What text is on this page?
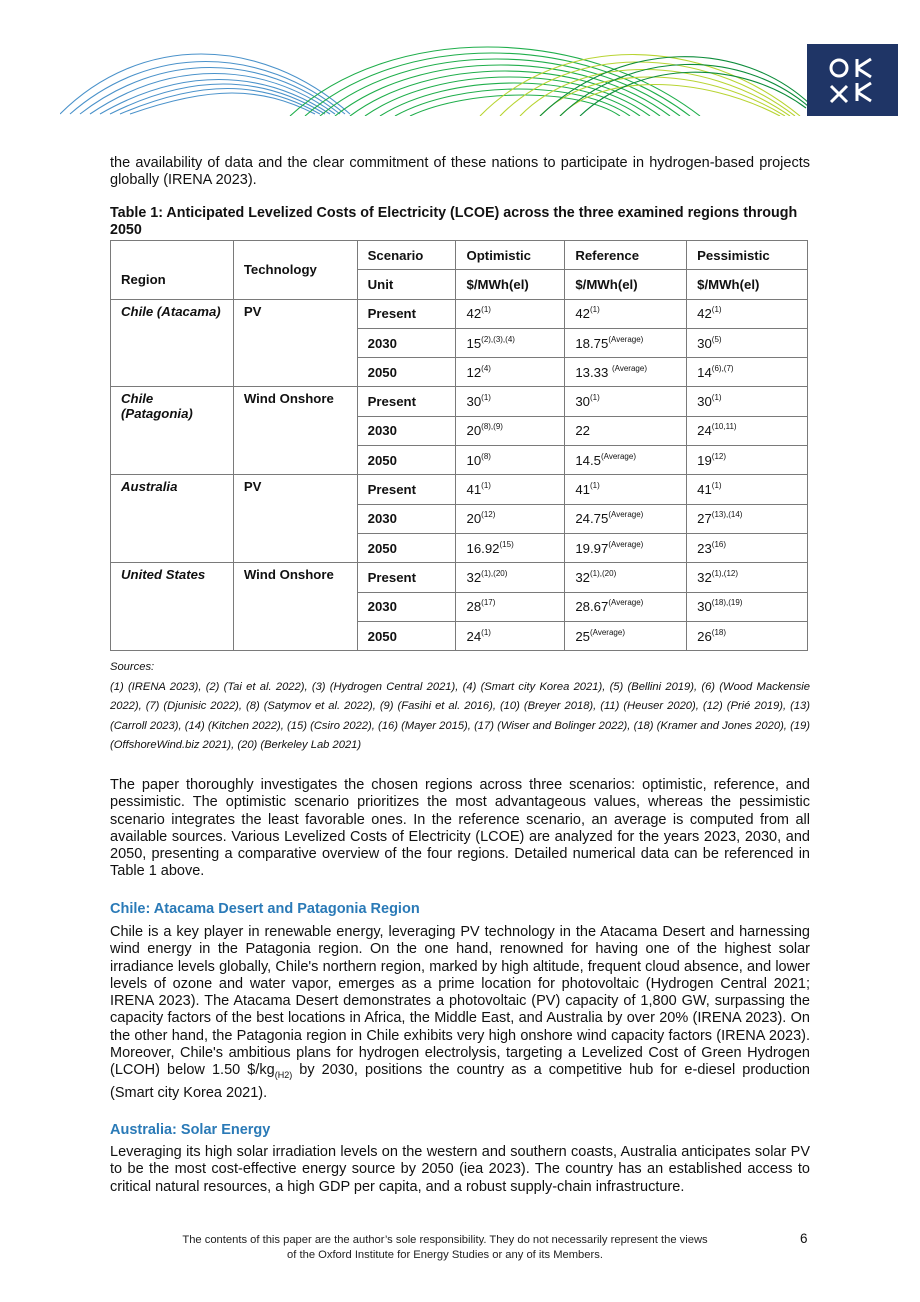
the availability of data and the clear commitment of these nations to participate in hydrogen-based projects globally (IRENA 2023).

Table 1: Anticipated Levelized Costs of Electricity (LCOE) across the three examined regions through 2050
Region	Technology	Scenario	Optimistic	Reference	Pessimistic
		Unit	$/MWh(el)	$/MWh(el)	$/MWh(el)
Chile (Atacama)	PV	Present	42$^{(1)}$	42$^{(1)}$	42$^{(1)}$
		2030	$15^{(2),(3),(4)}$	$18.75^{(Average)}$	30$^{(5)}$
		2050	12$^{(4)}$	13.33 $^{(Average)}$	$14^{(6),(7)}$
Chile (Patagonia)	Wind Onshore	Present	30$^{(1)}$	30$^{(1)}$	30$^{(1)}$
		2030	$20^{(8),(9)}$	22	24$^{(10,11)}$
		2050	10$^{(8)}$	$14.5^{(Average)}$	19$^{(12)}$
Australia	PV	Present	41$^{(1)}$	41$^{(1)}$	41$^{(1)}$
		2030	20$^{(12)}$	$24.75^{(Average)}$	$27^{(13),(14)}$
		2050	16.92$^{(15)}$	$19.97^{(Average)}$	23$^{(16)}$
United States	Wind Onshore	Present	$32^{(1),(20)}$	$32^{(1),(20)}$	$32^{(1),(12)}$
		2030	28$^{(17)}$	$28.67^{(Average)}$	$30^{(18),(19)}$
		2050	24$^{(1)}$	$25^{(Average)}$	26$^{(18)}$
Sources:
(1) (IRENA 2023), (2) (Tai et al. 2022), (3) (Hydrogen Central 2021), (4) (Smart city Korea 2021), (5) (Bellini 2019), (6) (Wood Mackensie 2022), (7) (Djunisic 2022), (8) (Satymov et al. 2022), (9) (Fasihi et al. 2016), (10) (Breyer 2018), (11) (Heuser 2020), (12) (Prié 2019), (13) (Carroll 2023), (14) (Kitchen 2022), (15) (Csiro 2022), (16) (Mayer 2015), (17) (Wiser and Bolinger 2022), (18) (Kramer and Jones 2020), (19) (OffshoreWind.biz 2021), (20) (Berkeley Lab 2021)

The paper thoroughly investigates the chosen regions across three scenarios: optimistic, reference, and pessimistic. The optimistic scenario prioritizes the most advantageous values, whereas the pessimistic scenario integrates the least favorable ones. In the reference scenario, an average is computed from all available sources. Various Levelized Costs of Electricity (LCOE) are analyzed for the years 2023, 2030, and 2050, presenting a comparative overview of the four regions. Detailed numerical data can be referenced in Table 1 above.

Chile: Atacama Desert and Patagonia Region

Chile is a key player in renewable energy, leveraging PV technology in the Atacama Desert and harnessing wind energy in the Patagonia region. On the one hand, renowned for having one of the highest solar irradiance levels globally, Chile's northern region, marked by high altitude, frequent cloud absence, and lower levels of ozone and water vapor, emerges as a prime location for photovoltaic (Hydrogen Central 2021; IRENA 2023). The Atacama Desert demonstrates a photovoltaic (PV) capacity of 1,800 GW, surpassing the capacity factors of the best locations in Africa, the Middle East, and Australia by over 20% (IRENA 2023). On the other hand, the Patagonia region in Chile exhibits very high onshore wind capacity factors (IRENA 2023). Moreover, Chile's ambitious plans for hydrogen electrolysis, targeting a Levelized Cost of Green Hydrogen (LCOH) below 1.50 $\$/kg_{(H2)}$ by 2030, positions the country as a competitive hub for e-diesel production (Smart city Korea 2021).

Australia: Solar Energy

Leveraging its high solar irradiation levels on the western and southern coasts, Australia anticipates solar PV to be the most cost-effective energy source by 2050 (iea 2023). The country has an established access to critical natural resources, a high GDP per capita, and a robust supply-chain infrastructure.

The contents of this paper are the author’s sole responsibility. They do not necessarily represent the views
of the Oxford Institute for Energy Studies or any of its Members.
6
